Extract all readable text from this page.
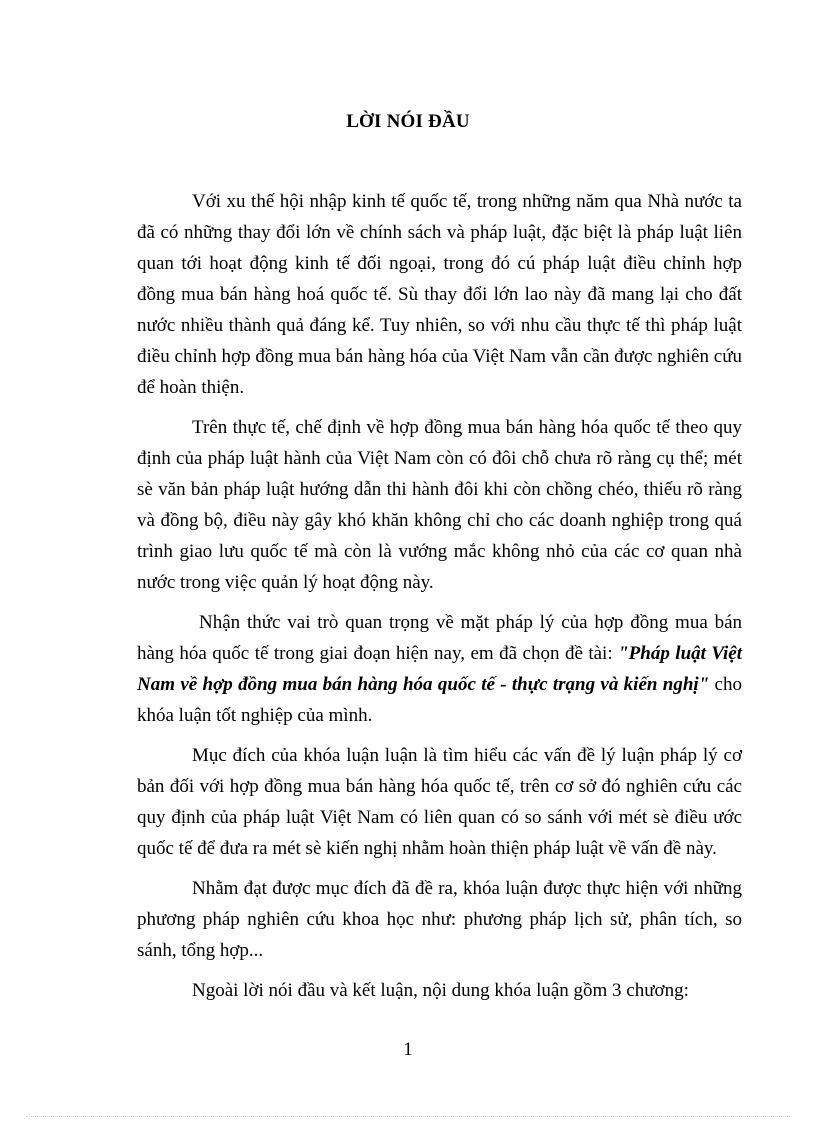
LỜI NÓI ĐẦU

Với xu thế hội nhập kinh tế quốc tế, trong những năm qua Nhà nước ta đã có những thay đổi lớn về chính sách và pháp luật, đặc biệt là pháp luật liên quan tới hoạt động kinh tế đối ngoại, trong đó cú pháp luật điều chỉnh hợp đồng mua bán hàng hoá quốc tế. Sù thay đổi lớn lao này đã mang lại cho đất nước nhiều thành quả đáng kể. Tuy nhiên, so với nhu cầu thực tế thì pháp luật điều chỉnh hợp đồng mua bán hàng hóa của Việt Nam vẫn cần được nghiên cứu để hoàn thiện.

Trên thực tế, chế định về hợp đồng mua bán hàng hóa quốc tế theo quy định của pháp luật hành của Việt Nam còn có đôi chỗ chưa rõ ràng cụ thể; mét sè văn bản pháp luật hướng dẫn thi hành đôi khi còn chồng chéo, thiếu rõ ràng và đồng bộ, điều này gây khó khăn không chỉ cho các doanh nghiệp trong quá trình giao lưu quốc tế mà còn là vướng mắc không nhỏ của các cơ quan nhà nước trong việc quản lý hoạt động này.

Nhận thức vai trò quan trọng về mặt pháp lý của hợp đồng mua bán hàng hóa quốc tế trong giai đoạn hiện nay, em đã chọn đề tài: "Pháp luật Việt Nam về hợp đồng mua bán hàng hóa quốc tế - thực trạng và kiến nghị" cho khóa luận tốt nghiệp của mình.

Mục đích của khóa luận luận là tìm hiểu các vấn đề lý luận pháp lý cơ bản đối với hợp đồng mua bán hàng hóa quốc tế, trên cơ sở đó nghiên cứu các quy định của pháp luật Việt Nam có liên quan có so sánh với mét sè điều ước quốc tế để đưa ra mét sè kiến nghị nhằm hoàn thiện pháp luật về vấn đề này.

Nhằm đạt được mục đích đã đề ra, khóa luận được thực hiện với những phương pháp nghiên cứu khoa học như: phương pháp lịch sử, phân tích, so sánh, tổng hợp...

Ngoài lời nói đầu và kết luận, nội dung khóa luận gồm 3 chương:

1
